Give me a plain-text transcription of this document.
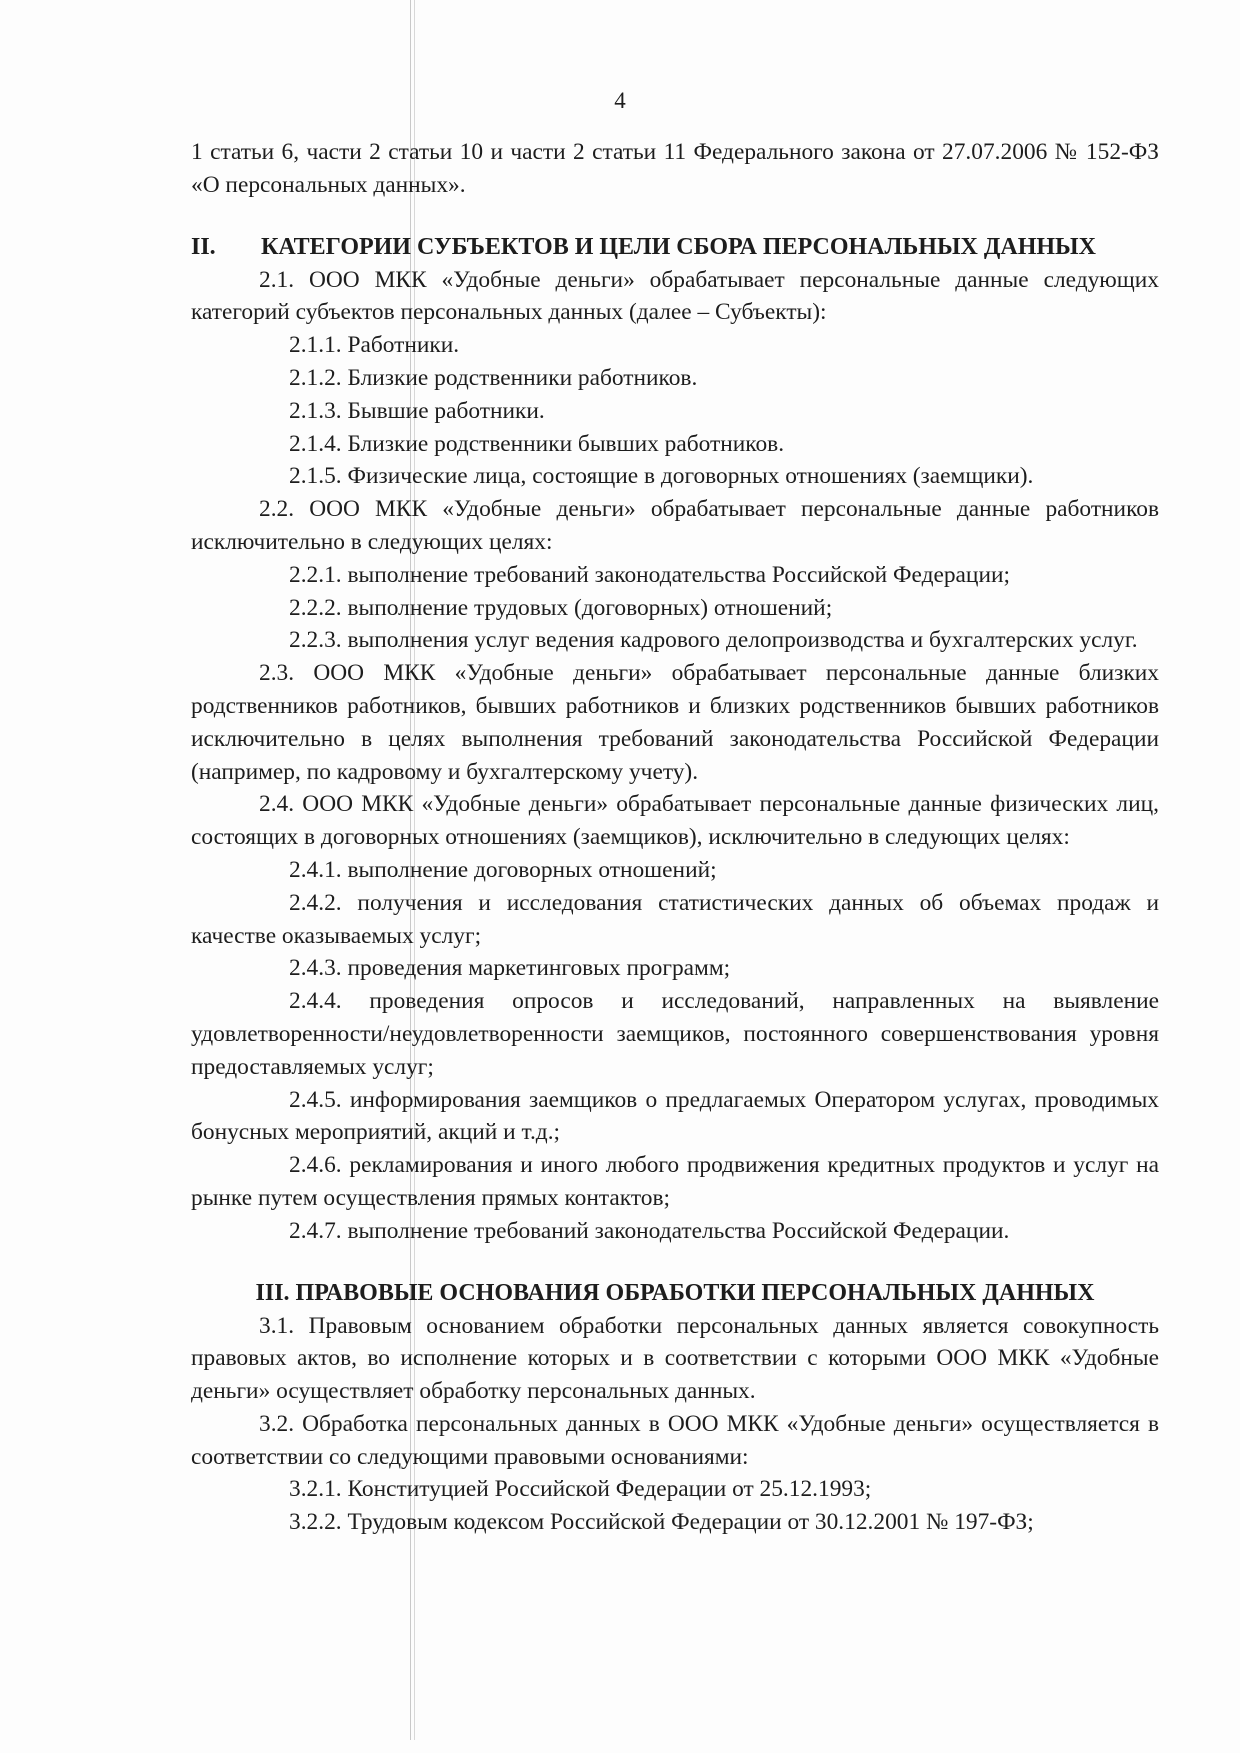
4

1 статьи 6, части 2 статьи 10 и части 2 статьи 11 Федерального закона от 27.07.2006 № 152-ФЗ «О персональных данных».

II.	КАТЕГОРИИ СУБЪЕКТОВ И ЦЕЛИ СБОРА ПЕРСОНАЛЬНЫХ ДАННЫХ

2.1. ООО МКК «Удобные деньги» обрабатывает персональные данные следующих категорий субъектов персональных данных (далее – Субъекты):

2.1.1. Работники.

2.1.2. Близкие родственники работников.

2.1.3. Бывшие работники.

2.1.4. Близкие родственники бывших работников.

2.1.5. Физические лица, состоящие в договорных отношениях (заемщики).

2.2. ООО МКК «Удобные деньги» обрабатывает персональные данные работников исключительно в следующих целях:

2.2.1. выполнение требований законодательства Российской Федерации;

2.2.2. выполнение трудовых (договорных) отношений;

2.2.3. выполнения услуг ведения кадрового делопроизводства и бухгалтерских услуг.

2.3. ООО МКК «Удобные деньги» обрабатывает персональные данные близких родственников работников, бывших работников и близких родственников бывших работников исключительно в целях выполнения требований законодательства Российской Федерации (например, по кадровому и бухгалтерскому учету).

2.4. ООО МКК «Удобные деньги» обрабатывает персональные данные физических лиц, состоящих в договорных отношениях (заемщиков), исключительно в следующих целях:

2.4.1. выполнение договорных отношений;

2.4.2. получения и исследования статистических данных об объемах продаж и качестве оказываемых услуг;

2.4.3. проведения маркетинговых программ;

2.4.4. проведения опросов и исследований, направленных на выявление удовлетворенности/неудовлетворенности заемщиков, постоянного совершенствования уровня предоставляемых услуг;

2.4.5. информирования заемщиков о предлагаемых Оператором услугах, проводимых бонусных мероприятий, акций и т.д.;

2.4.6. рекламирования и иного любого продвижения кредитных продуктов и услуг на рынке путем осуществления прямых контактов;

2.4.7. выполнение требований законодательства Российской Федерации.

III. ПРАВОВЫЕ ОСНОВАНИЯ ОБРАБОТКИ ПЕРСОНАЛЬНЫХ ДАННЫХ

3.1. Правовым основанием обработки персональных данных является совокупность правовых актов, во исполнение которых и в соответствии с которыми ООО МКК «Удобные деньги» осуществляет обработку персональных данных.

3.2. Обработка персональных данных в ООО МКК «Удобные деньги» осуществляется в соответствии со следующими правовыми основаниями:

3.2.1. Конституцией Российской Федерации от 25.12.1993;

3.2.2. Трудовым кодексом Российской Федерации от 30.12.2001 № 197-ФЗ;
